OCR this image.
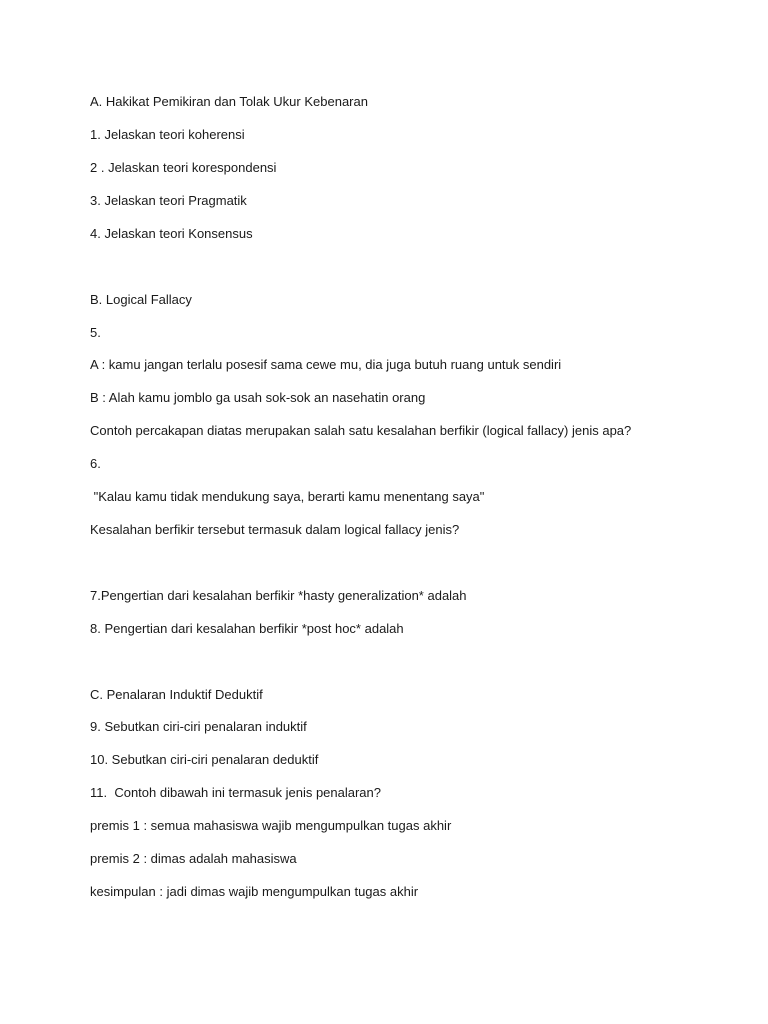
A. Hakikat Pemikiran dan Tolak Ukur Kebenaran
1. Jelaskan teori koherensi
2 . Jelaskan teori korespondensi
3. Jelaskan teori Pragmatik
4. Jelaskan teori Konsensus
B. Logical Fallacy
5.
A : kamu jangan terlalu posesif sama cewe mu, dia juga butuh ruang untuk sendiri
B : Alah kamu jomblo ga usah sok-sok an nasehatin orang
Contoh percakapan diatas merupakan salah satu kesalahan berfikir (logical fallacy) jenis apa?
6.
"Kalau kamu tidak mendukung saya, berarti kamu menentang saya"
Kesalahan berfikir tersebut termasuk dalam logical fallacy jenis?
7.Pengertian dari kesalahan berfikir *hasty generalization* adalah
8. Pengertian dari kesalahan berfikir *post hoc* adalah
C. Penalaran Induktif Deduktif
9. Sebutkan ciri-ciri penalaran induktif
10. Sebutkan ciri-ciri penalaran deduktif
11.  Contoh dibawah ini termasuk jenis penalaran?
premis 1 : semua mahasiswa wajib mengumpulkan tugas akhir
premis 2 : dimas adalah mahasiswa
kesimpulan : jadi dimas wajib mengumpulkan tugas akhir
